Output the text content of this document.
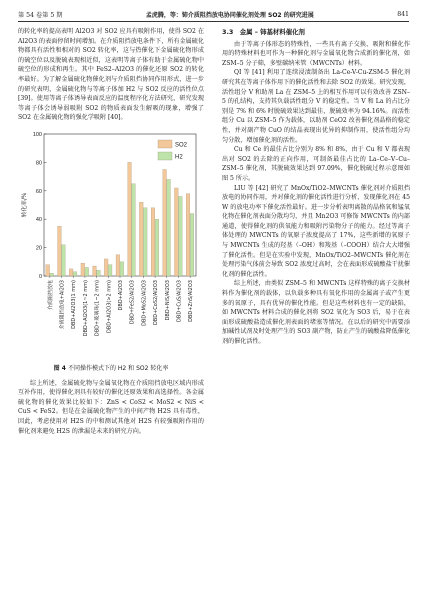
第 54 卷第 5 期	孟虎腾，等：铈介质阻挡放电协同催化剂处理 SO2 的研究进展	841

的转化率的提高表明 Al2O3 对 SO2 应具有吸附作用，使得 SO2 在 Al2O3 的表面停留时间增加。在介质阻挡放电条件下，所有金属硫化物都具有活性和相对的 SO2 转化率，这与热催化下金属硫化物形成的硫空位以及脱硫表现相近似，这表明等离子体有助于金属硫化物中硫空位的形成和再生。其中 FeS2–Al2O3 的催化还原 SO2 的转化率最好。为了解金属硫化物催化剂与介质阻挡协同作用形式，进一步的研究表明，金属硫化物与等离子体加 H2 与 SO2 反应的活性位点 [39]。使用等离子体诱导表面反应的温度程序化方法研究，研究发现等离子体会诱导弱吸附 SO2 的物质表面发生解吸的现象，增强了 SO2 在金属硫化物的强化学吸附 [40]。

0
20
40
60
80
100
转化率/%
介质阻挡放电 介质阻挡放电+Al2O3 DBD+Al2O3(1 mm) DBD+Al2O3(1~2 mm) DBD+玻璃珠(1~2 mm) DBD+Al2O3(>2 mm) DBD+Al2O3 DBD+FeS2/Al2O3 DBD+MoS2/Al2O3 DBD+CoS2/Al2O3 DBD+NiS/Al2O3 DBD+CuS/Al2O3 DBD+ZnS/Al2O3
SO2
H2
图 4 不同操作模式下的 H2 和 SO2 转化率

综上所述，金属硫化物与金属氧化物在介质阻挡放电区域内形成互补作用，使得催化剂具有较好的催化还原效果和高选择性。各金属硫化物的催化效果比较如下：ZnS < CoS2 < MoS2 < NiS < CuS < FeS2。但是在金属硫化物产生的中间产物 H2S 具有毒性，因此，考虑使用对 H2S 的中和测试其他对 H2S 有较强吸附作用的催化剂来避免 H2S 的泄漏是未来的研究方向。

3.3　金属 – 铈基材料催化剂

由于等离子体形态的特殊性，一些具有离子交换、吸附和催化作用的特殊材料也可作为一种催化剂与金属氧化物合成新的催化剂，如 ZSM–5 分子筛，多壁碳纳米管（MWCNTs）材料。

QI 等 [41] 利用了连续浸渍制备出 La-Ce-V-Cu-ZSM-5 催化剂研究其在等离子体作用下的催化活性和去除 SO2 的效果。研究发现，活性组分 V 和助剂 La 在 ZSM–5 上的相互作用可以有效改善 ZSN–5 的孔结构，支持其负载活性组分 V 的稳定性。当 V 和 La 的占比分别是 7% 和 6% 时脱硫效果达到最佳，脱硫效率为 94.16%。而活性组分 Cu 以 ZSM–5 作为载体，以助剂 CeO2 改善催化剂晶格的稳定性，并对副产物 CuO 的结晶表现出优异的抑制作用，使活性组分均匀分散，增加催化剂的活性。

Cu 和 Ce 的最佳占比分别为 8% 和 8%，由于 Cu 和 V 都表现出对 SO2 的去除的正向作用，可制备最佳占比的 La–Ce–V–Cu–ZSM–5 催化剂，其脱硫效果达到 97.09%，催化脱硫过程示意图如图 5 所示。

LIU 等 [42] 研究了 MnOx/TiO2–MWCNTs 催化剂对介质阻挡放电的协同作用，并对催化剂的催化活性进行分析，发现催化剂在 45 W 的放电功率下催化活性最好。进一步分析表明离散的晶格氧和锰氧化物在催化剂表面分散均匀，并且 Mn2O3 可修饰 MWCNTs 的内部通道，使得催化剂的供氧能力和吸附污染物分子的能力。经过等离子体处理的 MWCNTs 的氧原子浓度提高了 17%，这些新增的氧原子与 MWCNTs 生成的羟基（–OH）和羧基（–COOH）结合大大增强了催化活性。但是在实验中发现，MnOx/TiO2–MWCNTs 催化剂在处理污染气体前会导致 SO2 浓度过高时，会在表面形成硫酸盐干扰催化剂的催化活性。

综上所述，由类似 ZSM–5 和 MWCNTs 这样特殊的离子交换材料作为催化剂的载体，以负载多种具有氧化作用的金属离子或产生更多的氧原子，具有优异的催化性能。但是这些材料也有一定的缺陷，如 MWCNTs 材料合成的催化剂将 SO2 氧化为 SO3 后，易于在表面形成硫酸盐造成催化剂表面的堵塞等情况。在以后的研究中需要添加碱性试剂及时处理产生的 SO3 副产物，防止产生的硫酸盐降低催化剂的催化活性。
